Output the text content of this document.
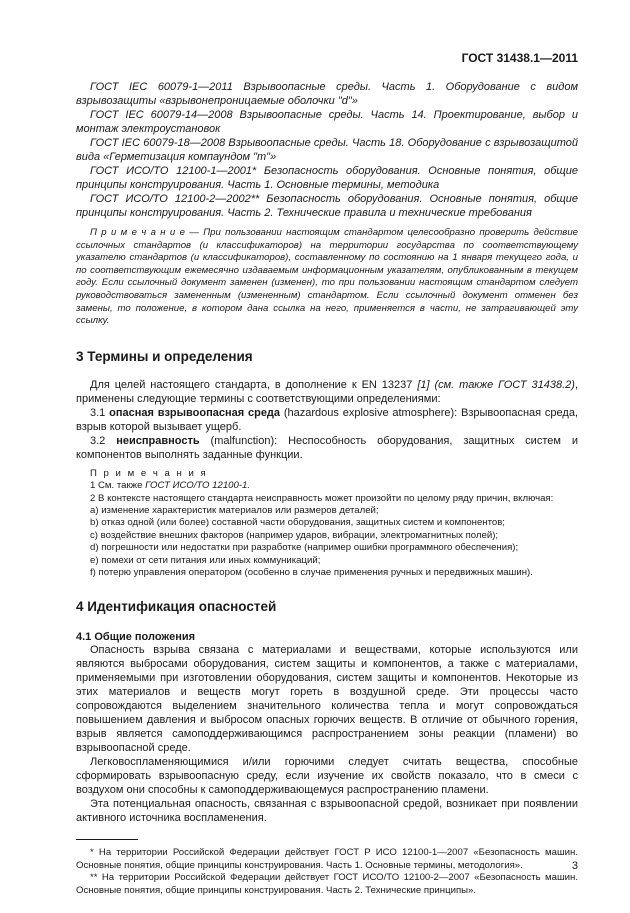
ГОСТ 31438.1—2011

ГОСТ IEC 60079-1—2011 Взрывоопасные среды. Часть 1. Оборудование с видом взрывозащиты «взрывонепроницаемые оболочки "d"»

ГОСТ IEC 60079-14—2008 Взрывоопасные среды. Часть 14. Проектирование, выбор и монтаж электроустановок

ГОСТ IEC 60079-18—2008 Взрывоопасные среды. Часть 18. Оборудование с взрывозащитой вида «Герметизация компаундом "m"»

ГОСТ ИСО/ТО 12100-1—2001* Безопасность оборудования. Основные понятия, общие принципы конструирования. Часть 1. Основные термины, методика

ГОСТ ИСО/ТО 12100-2—2002** Безопасность оборудования. Основные понятия, общие принципы конструирования. Часть 2. Технические правила и технические требования

П р и м е ч а н и е — При пользовании настоящим стандартом целесообразно проверить действие ссылочных стандартов (и классификаторов) на территории государства по соответствующему указателю стандартов (и классификаторов), составленному по состоянию на 1 января текущего года, и по соответствующим ежемесячно издаваемым информационным указателям, опубликованным в текущем году. Если ссылочный документ заменен (изменен), то при пользовании настоящим стандартом следует руководствоваться замененным (измененным) стандартом. Если ссылочный документ отменен без замены, то положение, в котором дана ссылка на него, применяется в части, не затрагивающей эту ссылку.

3 Термины и определения

Для целей настоящего стандарта, в дополнение к EN 13237 [1] (см. также ГОСТ 31438.2), применены следующие термины с соответствующими определениями:

3.1 опасная взрывоопасная среда (hazardous explosive atmosphere): Взрывоопасная среда, взрыв которой вызывает ущерб.

3.2 неисправность (malfunction): Неспособность оборудования, защитных систем и компонентов выполнять заданные функции.

П р и м е ч а н и я

1 См. также ГОСТ ИСО/ТО 12100-1.

2 В контексте настоящего стандарта неисправность может произойти по целому ряду причин, включая:

a) изменение характеристик материалов или размеров деталей;

b) отказ одной (или более) составной части оборудования, защитных систем и компонентов;

c) воздействие внешних факторов (например ударов, вибрации, электромагнитных полей);

d) погрешности или недостатки при разработке (например ошибки программного обеспечения);

e) помехи от сети питания или иных коммуникаций;

f) потерю управления оператором (особенно в случае применения ручных и передвижных машин).

4 Идентификация опасностей
4.1 Общие положения

Опасность взрыва связана с материалами и веществами, которые используются или являются выбросами оборудования, систем защиты и компонентов, а также с материалами, применяемыми при изготовлении оборудования, систем защиты и компонентов. Некоторые из этих материалов и веществ могут гореть в воздушной среде. Эти процессы часто сопровождаются выделением значительного количества тепла и могут сопровождаться повышением давления и выбросом опасных горючих веществ. В отличие от обычного горения, взрыв является самоподдерживающимся распространением зоны реакции (пламени) во взрывоопасной среде.

Легковоспламеняющимися и/или горючими следует считать вещества, способные сформировать взрывоопасную среду, если изучение их свойств показало, что в смеси с воздухом они способны к самоподдерживающемуся распространению пламени.

Эта потенциальная опасность, связанная с взрывоопасной средой, возникает при появлении активного источника воспламенения.

* На территории Российской Федерации действует ГОСТ Р ИСО 12100-1—2007 «Безопасность машин. Основные понятия, общие принципы конструирования. Часть 1. Основные термины, методология».

** На территории Российской Федерации действует ГОСТ ИСО/ТО 12100-2—2007 «Безопасность машин. Основные понятия, общие принципы конструирования. Часть 2. Технические принципы».

3
